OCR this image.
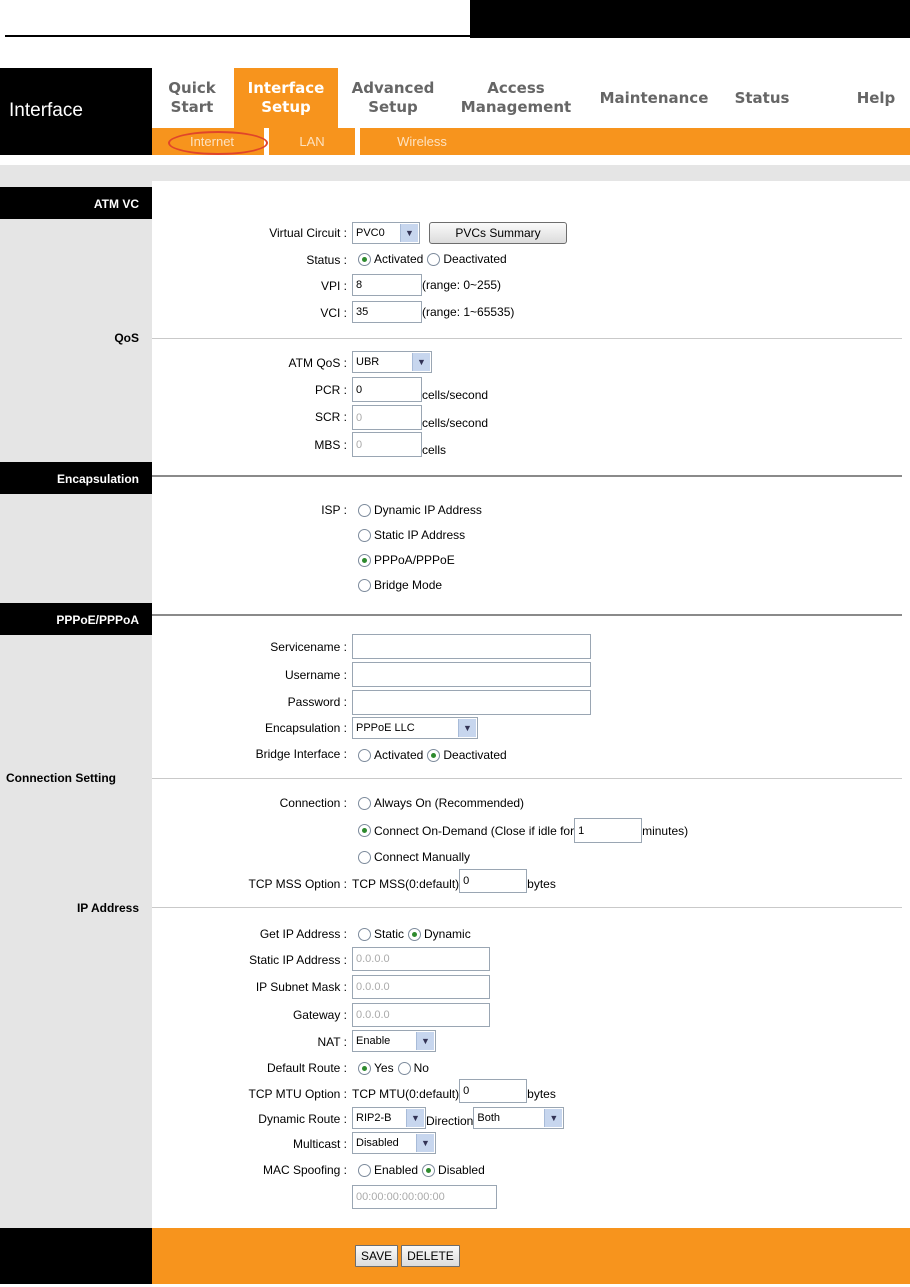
Interface
Quick
Start
Interface
Setup
Advanced
Setup
Access
Management
Maintenance Status	Help
Internet	LAN	Wireless
ATM VC
QoS
Encapsulation
PPPoE/PPPoA
Connection Setting
IP Address
Virtual Circuit : PVC0	▼	PVCs Summary
Status : Activated Deactivated
VPI : 8	(range: 0~255)
VCI : 35	(range: 1~65535)
ATM QoS : UBR	▼
PCR : 0	cells/second
SCR : 0	cells/second
MBS : 0	cells
ISP : Dynamic IP Address
Static IP Address
PPPoA/PPPoE
Bridge Mode
Servicename :
Username :
Password :
Encapsulation : PPPoE LLC	▼
Bridge Interface : Activated Deactivated
Connection : Always On (Recommended)
Connect On-Demand (Close if idle for 1	minutes)
Connect Manually
TCP MSS Option : TCP MSS(0:default) 0	bytes
Get IP Address : Static Dynamic
Static IP Address : 0.0.0.0
IP Subnet Mask : 0.0.0.0
Gateway : 0.0.0.0
NAT : Enable	▼
Default Route : Yes No
TCP MTU Option : TCP MTU(0:default) 0	bytes
Dynamic Route : RIP2-B	▼ Direction Both	▼
Multicast : Disabled	▼
MAC Spoofing : Enabled Disabled
00:00:00:00:00:00
SAVE	DELETE
